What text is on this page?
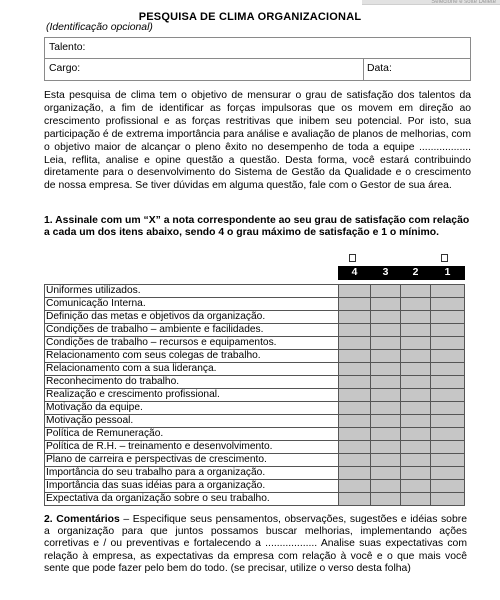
Selecione e solte Delete
PESQUISA DE CLIMA ORGANIZACIONAL
(Identificação opcional)
Talento:
Cargo:	Data:
Esta pesquisa de clima tem o objetivo de mensurar o grau de satisfação dos talentos da organização, a fim de identificar as forças impulsoras que os movem em direção ao crescimento profissional e as forças restritivas que inibem seu potencial. Por isto, sua participação é de extrema importância para análise e avaliação de planos de melhorias, com o objetivo maior de alcançar o pleno êxito no desempenho de toda a equipe .................. Leia, reflita, analise e opine questão a questão. Desta forma, você estará contribuindo diretamente para o desenvolvimento do Sistema de Gestão da Qualidade e o crescimento de nossa empresa. Se tiver dúvidas em alguma questão, fale com o Gestor de sua área.
1. Assinale com um “X” a nota correspondente ao seu grau de satisfação com relação a cada um dos itens abaixo, sendo 4 o grau máximo de satisfação e 1 o mínimo.
	4	3	2	1

Uniformes utilizados.				
Comunicação Interna.				
Definição das metas e objetivos da organização.				
Condições de trabalho – ambiente e facilidades.				
Condições de trabalho – recursos e equipamentos.				
Relacionamento com seus colegas de trabalho.				
Relacionamento com a sua liderança.				
Reconhecimento do trabalho.				
Realização e crescimento profissional.				
Motivação da equipe.				
Motivação pessoal.				
Política de Remuneração.				
Política de R.H. – treinamento e desenvolvimento.				
Plano de carreira e perspectivas de crescimento.				
Importância do seu trabalho para a organização.				
Importância das suas idéias para a organização.				
Expectativa da organização sobre o seu trabalho.				
2. Comentários – Especifique seus pensamentos, observações, sugestões e idéias sobre a organização para que juntos possamos buscar melhorias, implementando ações corretivas e / ou preventivas e fortalecendo a .................. Analise suas expectativas com relação à empresa, as expectativas da empresa com relação à você e o que mais você sente que pode fazer pelo bem do todo. (se precisar, utilize o verso desta folha)
